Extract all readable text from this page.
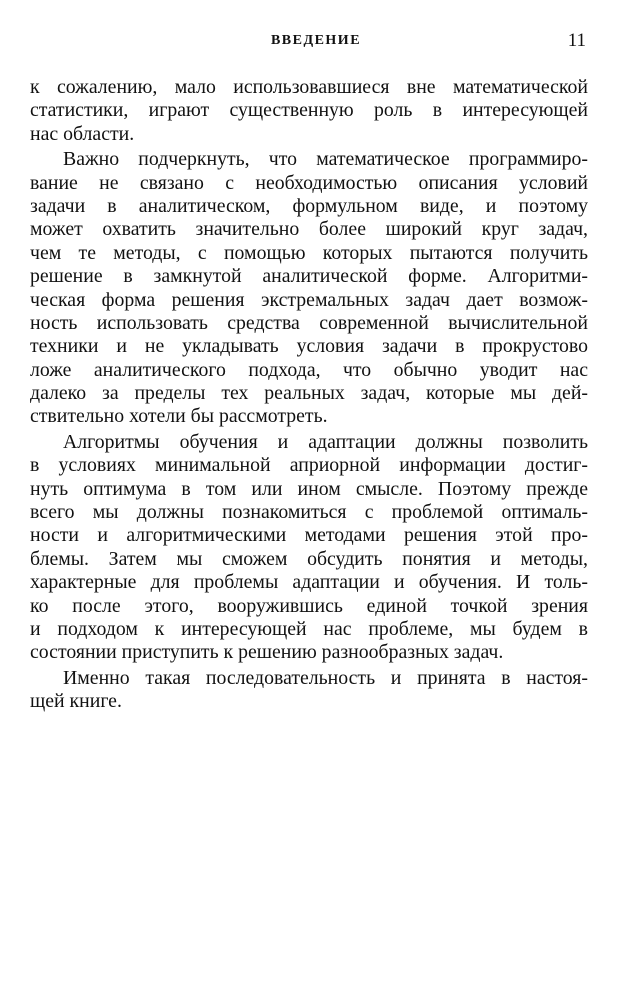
ВВЕДЕНИЕ	11
к сожалению, мало использовавшиеся вне математической
статистики, играют существенную роль в интересующей
нас области.
Важно подчеркнуть, что математическое программиро-
вание не связано с необходимостью описания условий
задачи в аналитическом, формульном виде, и поэтому
может охватить значительно более широкий круг задач,
чем те методы, с помощью которых пытаются получить
решение в замкнутой аналитической форме. Алгоритми-
ческая форма решения экстремальных задач дает возмож-
ность использовать средства современной вычислительной
техники и не укладывать условия задачи в прокрустово
ложе аналитического подхода, что обычно уводит нас
далеко за пределы тех реальных задач, которые мы дей-
ствительно хотели бы рассмотреть.
Алгоритмы обучения и адаптации должны позволить
в условиях минимальной априорной информации достиг-
нуть оптимума в том или ином смысле. Поэтому прежде
всего мы должны познакомиться с проблемой оптималь-
ности и алгоритмическими методами решения этой про-
блемы. Затем мы сможем обсудить понятия и методы,
характерные для проблемы адаптации и обучения. И толь-
ко после этого, вооружившись единой точкой зрения
и подходом к интересующей нас проблеме, мы будем в
состоянии приступить к решению разнообразных задач.
Именно такая последовательность и принята в настоя-
щей книге.
